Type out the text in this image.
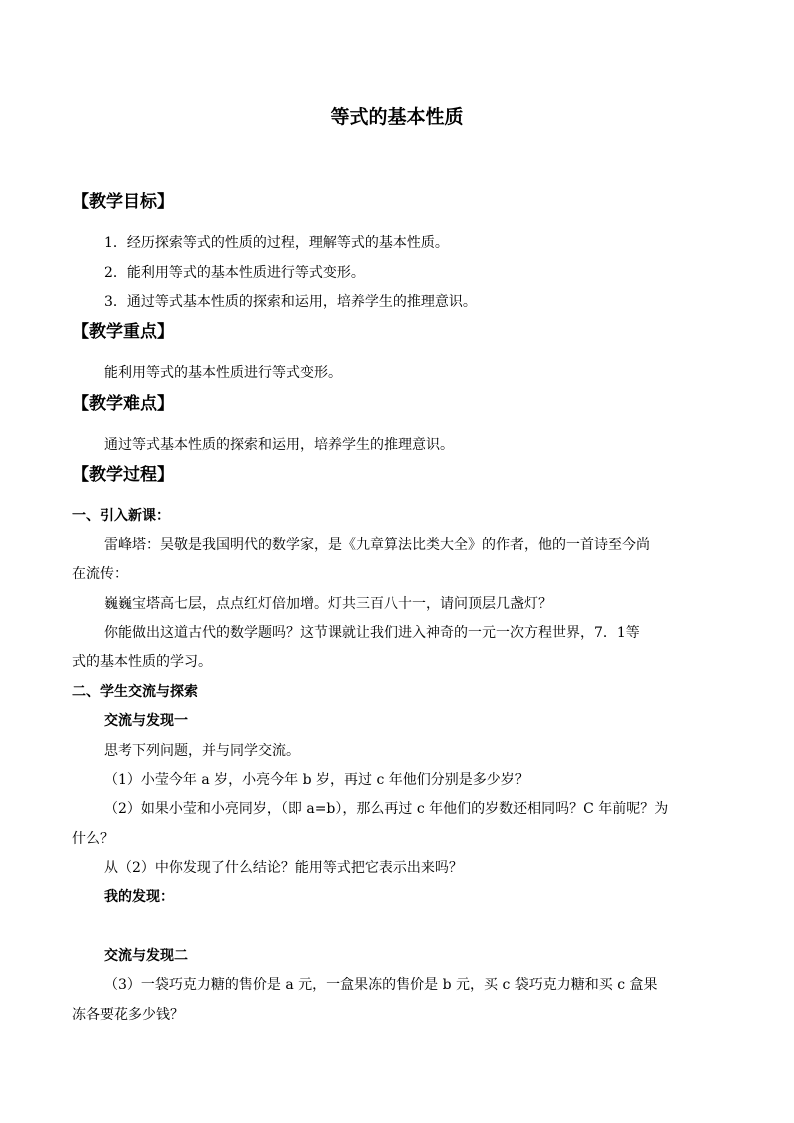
等式的基本性质
【教学目标】
1．经历探索等式的性质的过程，理解等式的基本性质。
2．能利用等式的基本性质进行等式变形。
3．通过等式基本性质的探索和运用，培养学生的推理意识。
【教学重点】
能利用等式的基本性质进行等式变形。
【教学难点】
通过等式基本性质的探索和运用，培养学生的推理意识。
【教学过程】
一、引入新课：
雷峰塔：吴敬是我国明代的数学家，是《九章算法比类大全》的作者，他的一首诗至今尚
在流传：
巍巍宝塔高七层，点点红灯倍加增。灯共三百八十一，请问顶层几盏灯？
你能做出这道古代的数学题吗？这节课就让我们进入神奇的一元一次方程世界，7．1等
式的基本性质的学习。
二、学生交流与探索
交流与发现一
思考下列问题，并与同学交流。
（1）小莹今年 a 岁，小亮今年 b 岁，再过 c 年他们分别是多少岁？
（2）如果小莹和小亮同岁，（即 a=b），那么再过 c 年他们的岁数还相同吗？C 年前呢？为
什么？
从（2）中你发现了什么结论？能用等式把它表示出来吗？
我的发现：
交流与发现二
（3）一袋巧克力糖的售价是 a 元，一盒果冻的售价是 b 元，买 c 袋巧克力糖和买 c 盒果
冻各要花多少钱？
